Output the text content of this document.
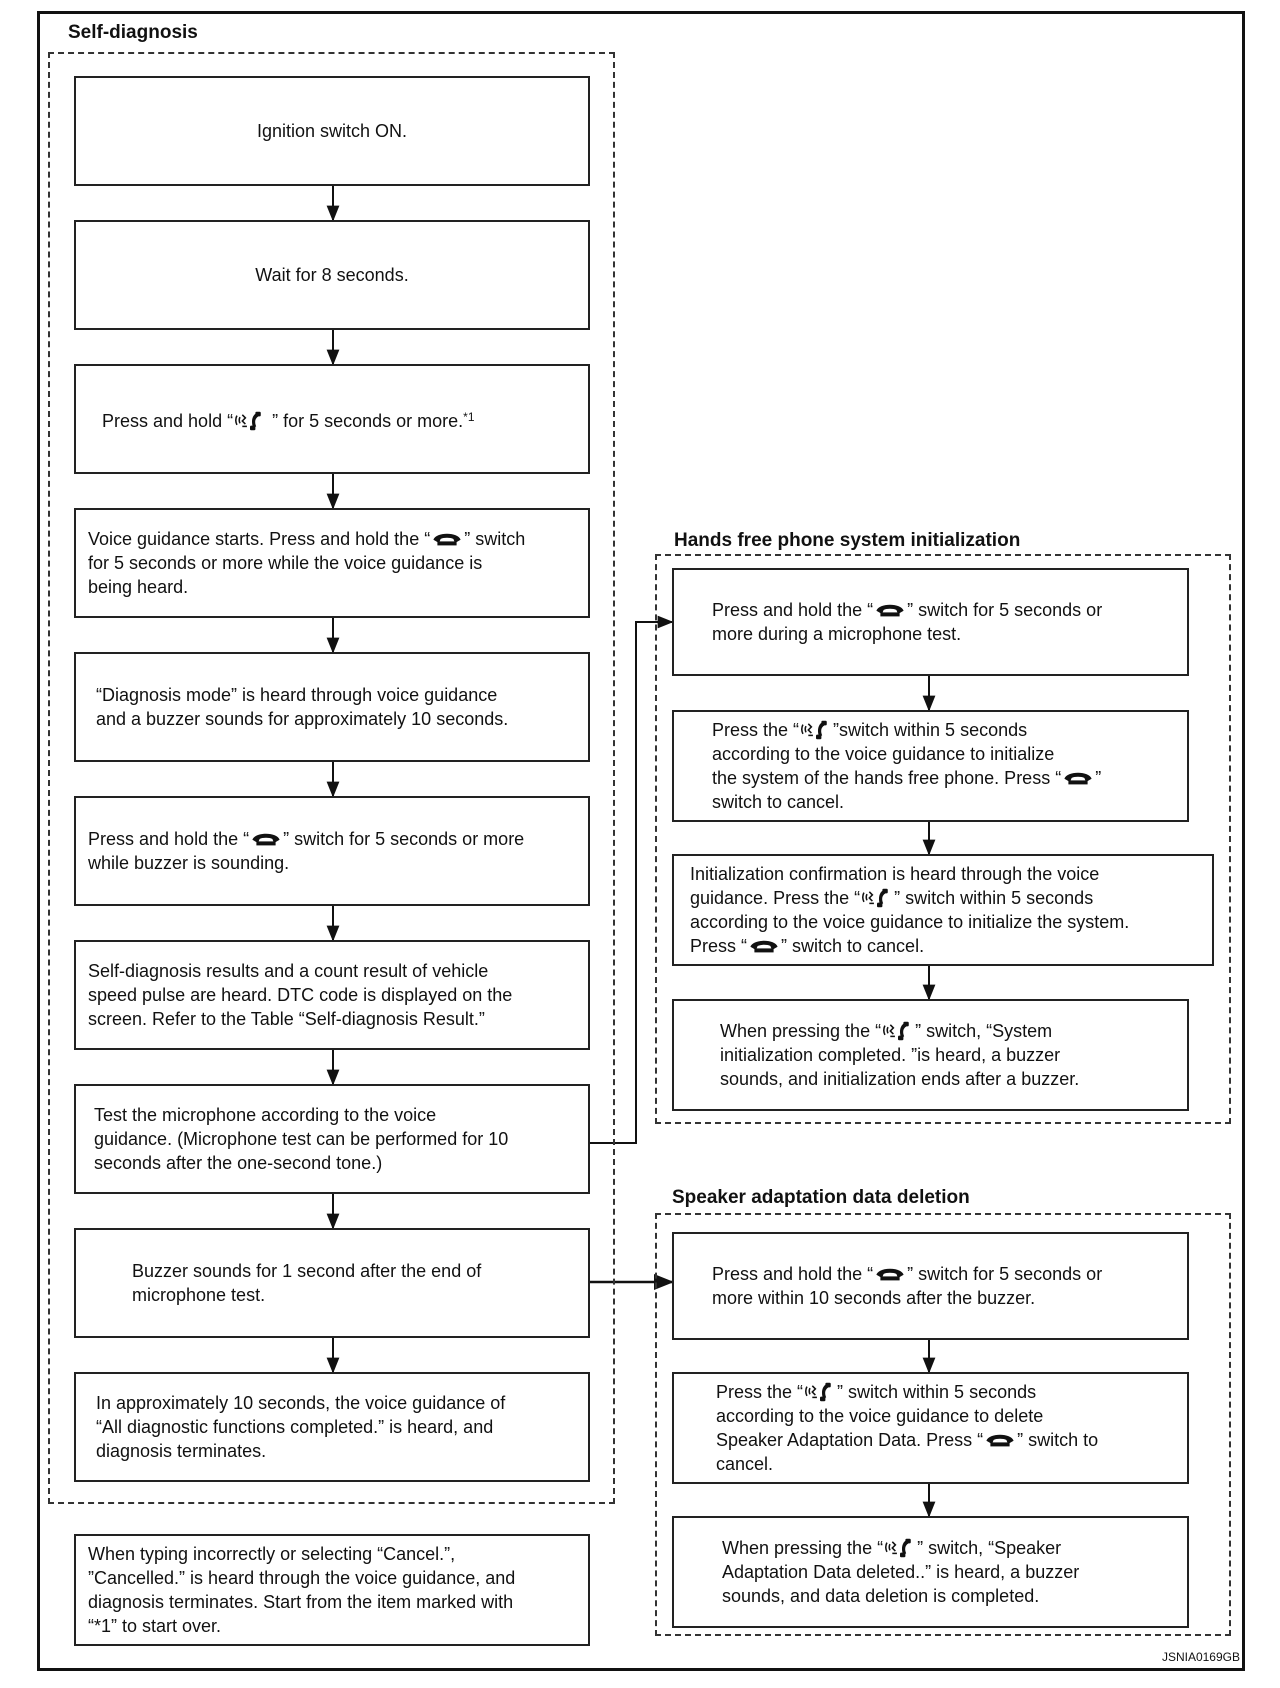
Self-diagnosis
Ignition switch ON.
Wait for 8 seconds.
Press and hold “
” for 5 seconds or more.$^{*1}$
Voice guidance starts. Press and hold the “ ” switch
for 5 seconds or more while the voice guidance is
being heard.
“Diagnosis mode” is heard through voice guidance
and a buzzer sounds for approximately 10 seconds.
Press and hold the “ ” switch for 5 seconds or more
while buzzer is sounding.
Self-diagnosis results and a count result of vehicle
speed pulse are heard. DTC code is displayed on the
screen. Refer to the Table “Self-diagnosis Result.”
Test the microphone according to the voice
guidance. (Microphone test can be performed for 10
seconds after the one-second tone.)
Buzzer sounds for 1 second after the end of
microphone test.
In approximately 10 seconds, the voice guidance of
“All diagnostic functions completed.” is heard, and
diagnosis terminates.
When typing incorrectly or selecting “Cancel.”,
”Cancelled.” is heard through the voice guidance, and
diagnosis terminates. Start from the item marked with
“*1” to start over.
Hands free phone system initialization
Press and hold the “ ” switch for 5 seconds or
more during a microphone test.
Press the “ ”switch within 5 seconds
according to the voice guidance to initialize
the system of the hands free phone. Press “ ”
switch to cancel.
Initialization confirmation is heard through the voice
guidance. Press the “ ” switch within 5 seconds
according to the voice guidance to initialize the system.
Press “ ” switch to cancel.
When pressing the “ ” switch, “System
initialization completed. ”is heard, a buzzer
sounds, and initialization ends after a buzzer.
Speaker adaptation data deletion
Press and hold the “ ” switch for 5 seconds or
more within 10 seconds after the buzzer.
Press the “ ” switch within 5 seconds
according to the voice guidance to delete
Speaker Adaptation Data. Press “ ” switch to
cancel.
When pressing the “ ” switch, “Speaker
Adaptation Data deleted..” is heard, a buzzer
sounds, and data deletion is completed.
JSNIA0169GB
